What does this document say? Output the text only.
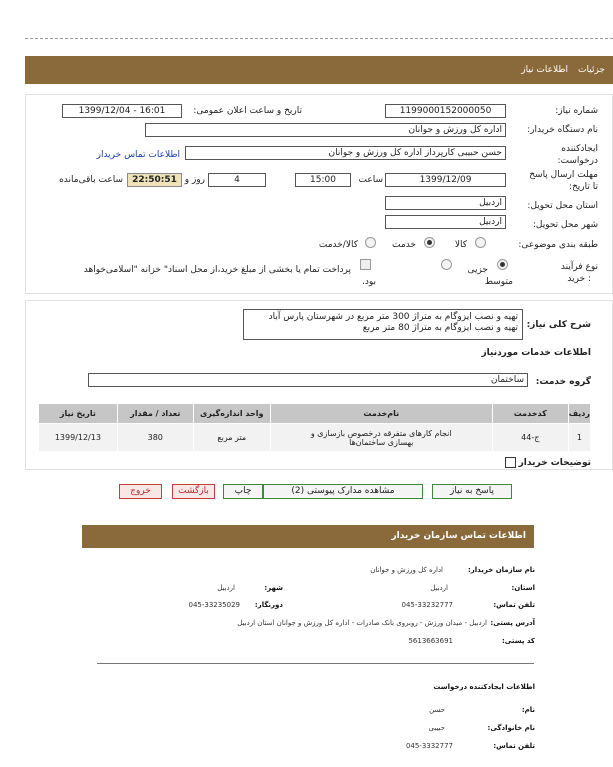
جزئیات
اطلاعات نیاز
شماره نیاز:
1199000152000050
تاریخ و ساعت اعلان عمومی:
1399/12/04 - 16:01
نام دستگاه خریدار:
اداره کل ورزش و جوانان
ایجادکننده
درخواست:
حسن حبیبی کارپرداز اداره کل ورزش و جوانان
اطلاعات تماس خریدار
مهلت ارسال پاسخ
تا تاریخ:
1399/12/09
ساعت
15:00
4
روز و
22:50:51
ساعت باقی‌مانده
استان محل تحویل:
اردبیل
شهر محل تحویل:
اردبیل
طبقه بندی موضوعی:
کالا
خدمت
کالا/خدمت
نوع فرآیند
: خرید
جزیی
متوسط
پرداخت تمام یا بخشی از مبلغ خرید،از محل اسناد" خزانه "اسلامی‌خواهد
بود.
شرح کلی نیاز:
تهیه و نصب ایزوگام به متراژ 300 متر مربع در شهرستان پارس آباد
تهیه و نصب ایزوگام به متراژ 80 متر مربع
اطلاعات خدمات موردنیاز
گروه خدمت:
ساختمان
ردیف	کدخدمت	نام‌خدمت	واحد اندازه‌گیری	تعداد / مقدار	تاریخ نیاز
1	ج-44	انجام کارهای متفرقه درخصوص بازسازی و بهسازی ساختمان‌ها	متر مربع	380	1399/12/13
توضیحات خریدار
پاسخ به نیاز
مشاهده مدارک پیوستی (2)
چاپ
بازگشت
خروج
اطلاعات تماس سازمان خریدار
نام سازمان خریدار:
اداره کل ورزش و جوانان
استان:
اردبیل
شهر:
اردبیل
تلفن تماس:
045-33232777
دورنگار:
045-33235029
آدرس پستی:
اردبیل - میدان ورزش - روبروی بانک صادرات - اداره کل ورزش و جوانان استان اردبیل
کد پستی:
5613663691
اطلاعات ایجادکننده درخواست
نام:
حسن
نام خانوادگی:
حبیبی
تلفن تماس:
045-3332777
